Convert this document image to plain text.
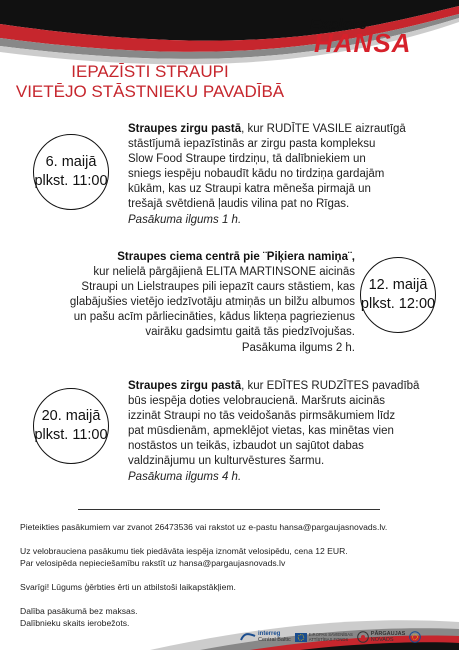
Explore
HANSA
IEPAZĪSTI STRAUPI
VIETĒJO STĀSTNIEKU PAVADĪBĀ
6. maijā
plkst. 11:00
Straupes zirgu pastā, kur RUDĪTE VASILE aizrautīgā
stāstījumā iepazīstinās ar zirgu pasta kompleksu
Slow Food Straupe tirdziņu, tā dalībniekiem un
sniegs iespēju nobaudīt kādu no tirdziņa gardajām
kūkām, kas uz Straupi katra mēneša pirmajā un
trešajā svētdienā ļaudis vilina pat no Rīgas.
Pasākuma ilgums 1 h.
Straupes ciema centrā pie ¨Piķiera namiņa¨,
kur nelielā pārgājienā ELITA MARTINSONE aicinās
Straupi un Lielstraupes pili iepazīt caurs stāstiem, kas
glabājušies vietējo iedzīvotāju atmiņās un bilžu albumos
un pašu acīm pārliecināties, kādus likteņa pagriezienus
vairāku gadsimtu gaitā tās piedzīvojušas.
Pasākuma ilgums 2 h.
12. maijā
plkst. 12:00
20. maijā
plkst. 11:00
Straupes zirgu pastā, kur EDĪTES RUDZĪTES pavadībā
būs iespēja doties velobraucienā. Maršruts aicinās
izzināt Straupi no tās veidošanās pirmsākumiem līdz
pat mūsdienām, apmeklējot vietas, kas minētas vien
nostāstos un teikās, izbaudot un sajūtot dabas
valdzinājumu un kulturvēstures šarmu.
Pasākuma ilgums 4 h.
Pieteikties pasākumiem var zvanot 26473536 vai rakstot uz e-pastu hansa@pargaujasnovads.lv.
Uz velobrauciena pasākumu tiek piedāvāta iespēja iznomāt velosipēdu, cena 12 EUR.
Par velosipēda nepieciešamību rakstīt uz hansa@pargaujasnovads.lv
Svarīgi! Lūgums ģērbties ērti un atbilstoši laikapstākļiem.
Dalība pasākumā bez maksas.
Dalībnieku skaits ierobežots.
interreg
Central Baltic
EIROPAS SAVIENĪBAS
ATTĪSTĪBAS FONDS
PĀRGAUJAS
NOVADS
